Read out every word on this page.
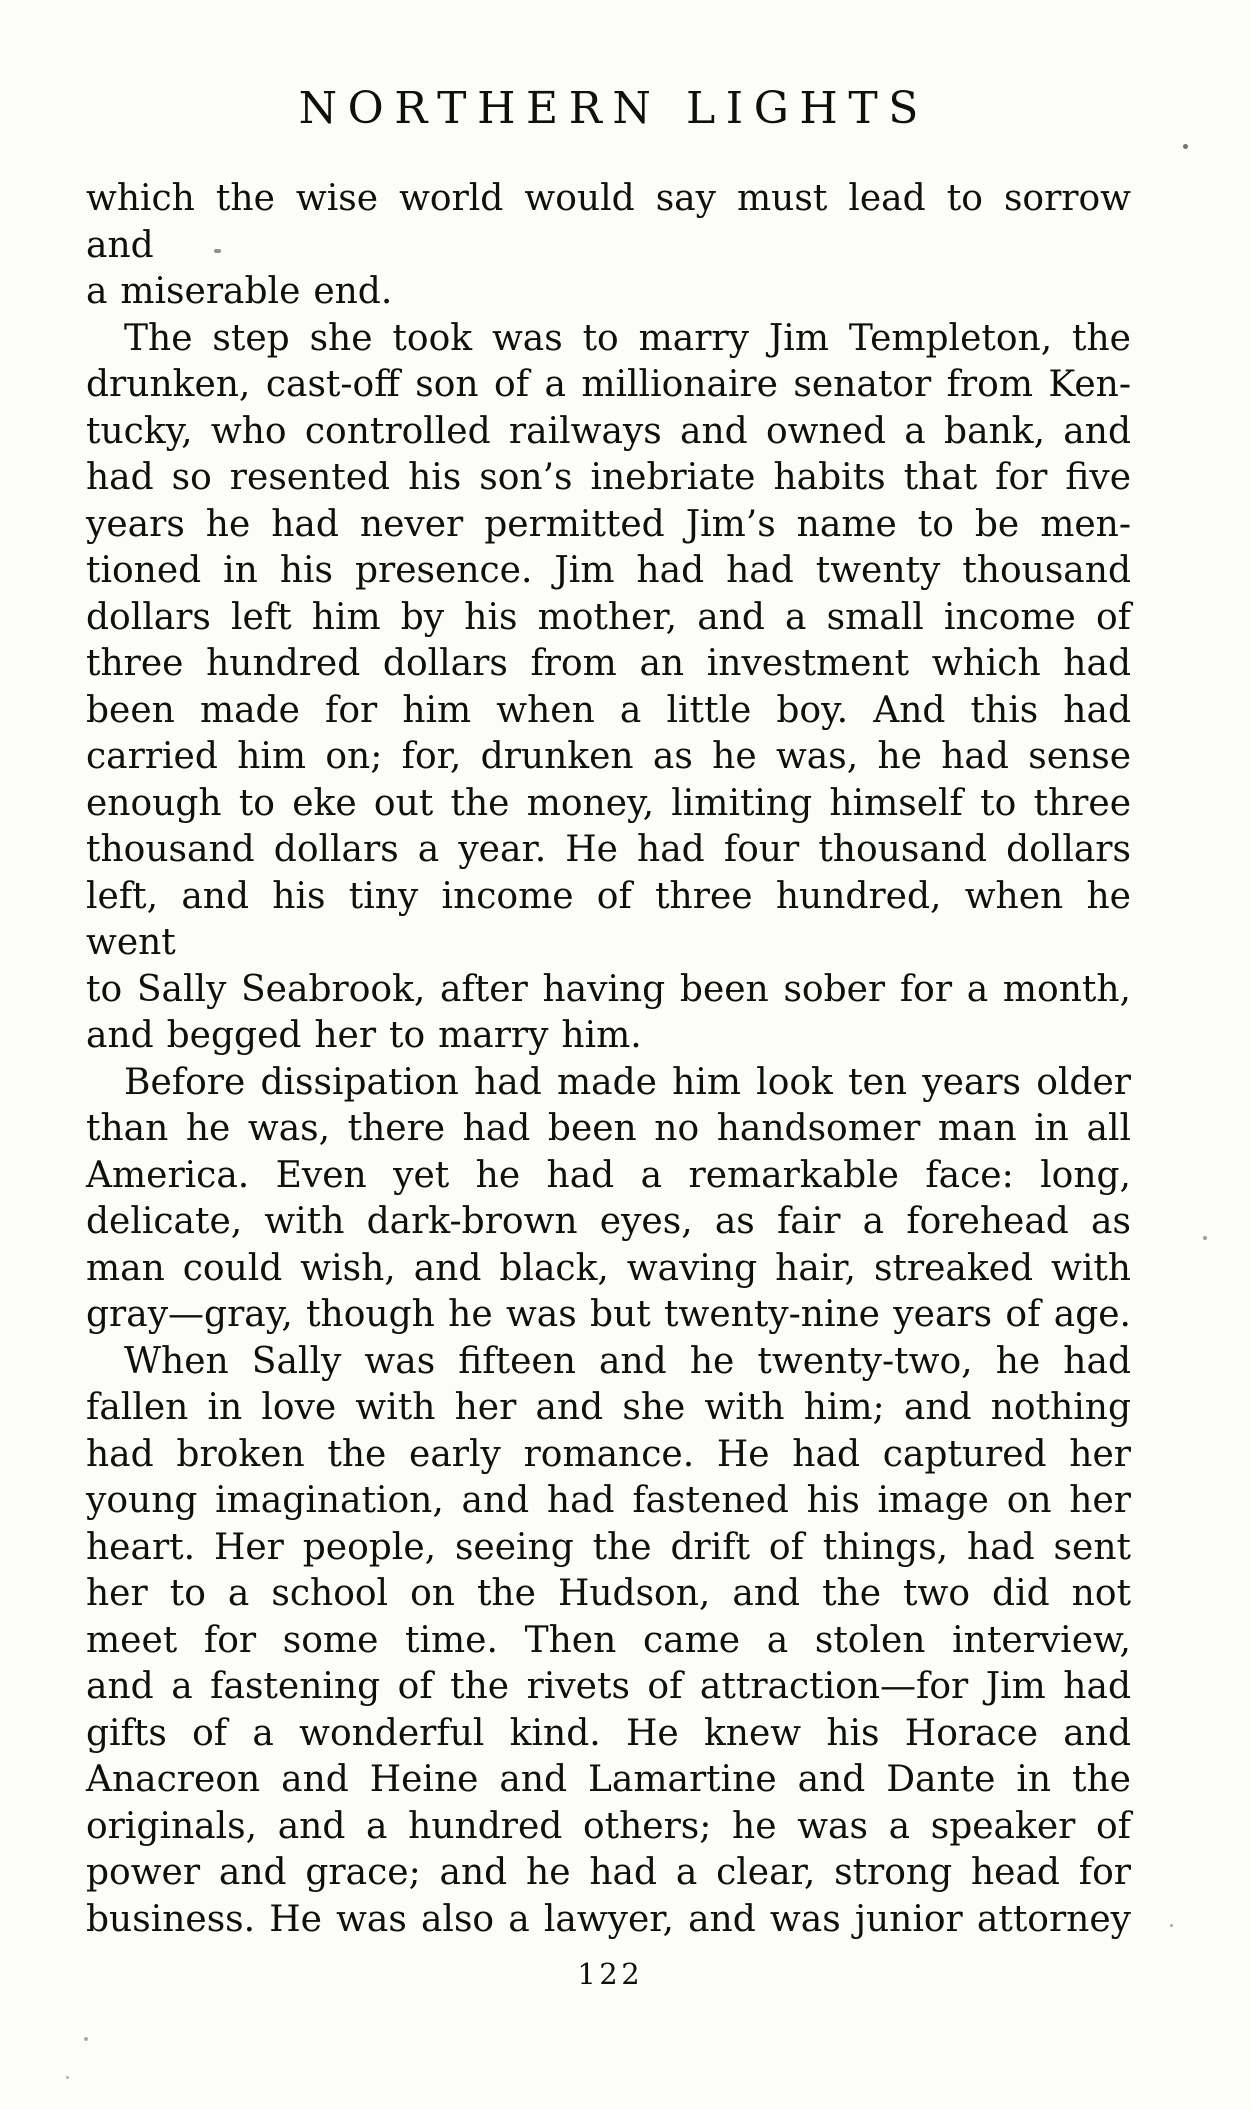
NORTHERN LIGHTS
which the wise world would say must lead to sorrow and
a miserable end.
The step she took was to marry Jim Templeton, the
drunken, cast-off son of a millionaire senator from Ken-
tucky, who controlled railways and owned a bank, and
had so resented his son’s inebriate habits that for five
years he had never permitted Jim’s name to be men-
tioned in his presence. Jim had had twenty thousand
dollars left him by his mother, and a small income of
three hundred dollars from an investment which had
been made for him when a little boy. And this had
carried him on; for, drunken as he was, he had sense
enough to eke out the money, limiting himself to three
thousand dollars a year. He had four thousand dollars
left, and his tiny income of three hundred, when he went
to Sally Seabrook, after having been sober for a month,
and begged her to marry him.
Before dissipation had made him look ten years older
than he was, there had been no handsomer man in all
America. Even yet he had a remarkable face: long,
delicate, with dark-brown eyes, as fair a forehead as
man could wish, and black, waving hair, streaked with
gray—gray, though he was but twenty-nine years of age.
When Sally was fifteen and he twenty-two, he had
fallen in love with her and she with him; and nothing
had broken the early romance. He had captured her
young imagination, and had fastened his image on her
heart. Her people, seeing the drift of things, had sent
her to a school on the Hudson, and the two did not
meet for some time. Then came a stolen interview,
and a fastening of the rivets of attraction—for Jim had
gifts of a wonderful kind. He knew his Horace and
Anacreon and Heine and Lamartine and Dante in the
originals, and a hundred others; he was a speaker of
power and grace; and he had a clear, strong head for
business. He was also a lawyer, and was junior attorney
122
